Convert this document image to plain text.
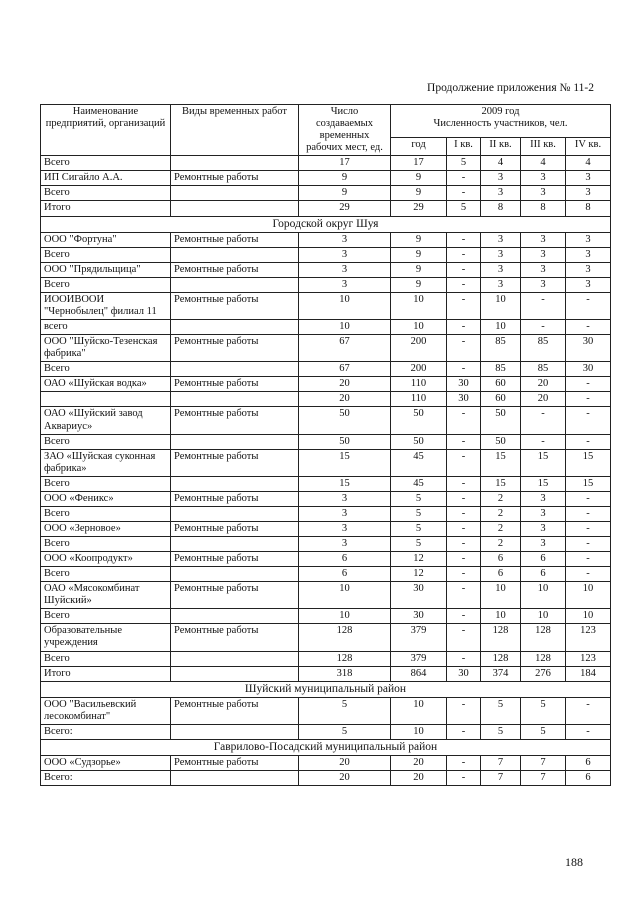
Продолжение приложения № 11-2
Наименование предприятий, организаций	Виды временных работ	Число создаваемых временных рабочих мест, ед.	2009 год
Численность участников, чел.				
			год	I кв.	II кв.	III кв.	IV кв.
Всего		17	17	5	4	4	4
ИП Сигайло А.А.	Ремонтные работы	9	9	-	3	3	3
Всего		9	9	-	3	3	3
Итого		29	29	5	8	8	8
Городской округ Шуя							
ООО "Фортуна"	Ремонтные работы	3	9	-	3	3	3
Всего		3	9	-	3	3	3
ООО "Прядильщица"	Ремонтные работы	3	9	-	3	3	3
Всего		3	9	-	3	3	3
ИООИВООИ "Чернобылец" филиал 11	Ремонтные работы	10	10	-	10	-	-
всего		10	10	-	10	-	-
ООО "Шуйско-Тезенская фабрика"	Ремонтные работы	67	200	-	85	85	30
Всего		67	200	-	85	85	30
ОАО «Шуйская водка»	Ремонтные работы	20	110	30	60	20	-
		20	110	30	60	20	-
ОАО «Шуйский завод Аквариус»	Ремонтные работы	50	50	-	50	-	-
Всего		50	50	-	50	-	-
ЗАО «Шуйская суконная фабрика»	Ремонтные работы	15	45	-	15	15	15
Всего		15	45	-	15	15	15
ООО «Феникс»	Ремонтные работы	3	5	-	2	3	-
Всего		3	5	-	2	3	-
ООО «Зерновое»	Ремонтные работы	3	5	-	2	3	-
Всего		3	5	-	2	3	-
ООО «Коопродукт»	Ремонтные работы	6	12	-	6	6	-
Всего		6	12	-	6	6	-
ОАО «Мясокомбинат Шуйский»	Ремонтные работы	10	30	-	10	10	10
Всего		10	30	-	10	10	10
Образовательные учреждения	Ремонтные работы	128	379	-	128	128	123
Всего		128	379	-	128	128	123
Итого		318	864	30	374	276	184
Шуйский муниципальный район							
ООО "Васильевский лесокомбинат"	Ремонтные работы	5	10	-	5	5	-
Всего:		5	10	-	5	5	-
Гаврилово-Посадский муниципальный район							
ООО «Судзорье»	Ремонтные работы	20	20	-	7	7	6
Всего:		20	20	-	7	7	6
188
